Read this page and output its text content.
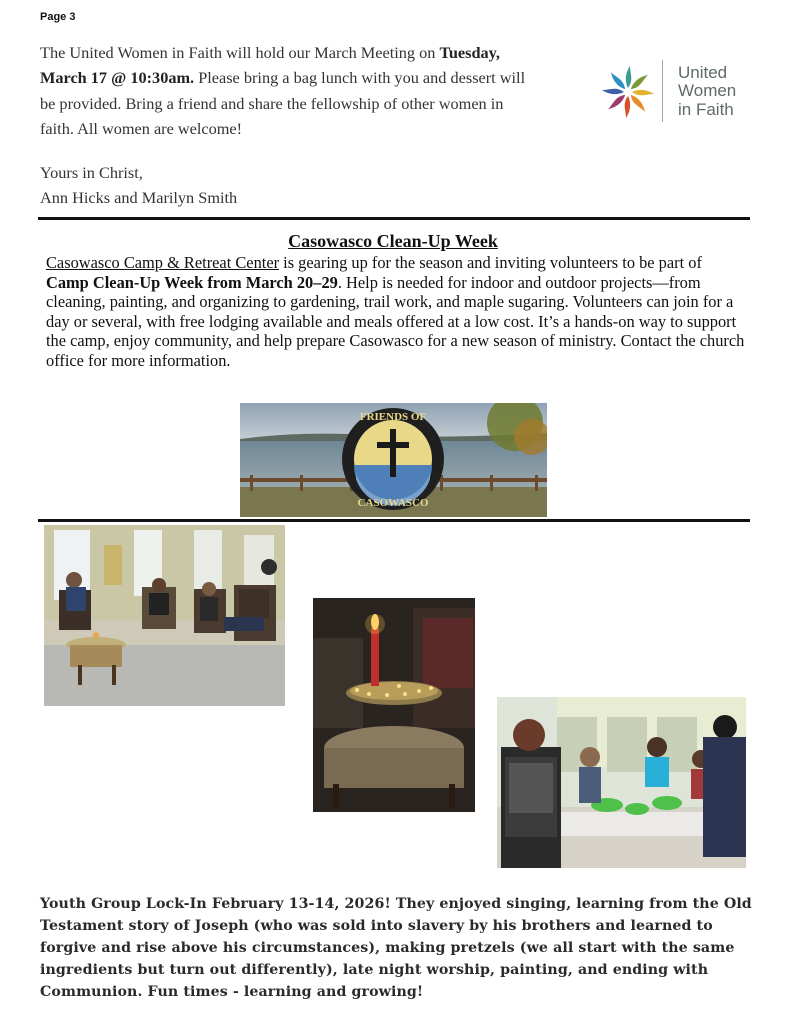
Page 3
The United Women in Faith will hold our March Meeting on Tuesday,
March 17 @ 10:30am. Please bring a bag lunch with you and dessert will
be provided. Bring a friend and share the fellowship of other women in
faith. All women are welcome!
Yours in Christ,
Ann Hicks and Marilyn Smith
United
Women
in Faith
Casowasco Clean-Up Week
Casowasco Camp & Retreat Center is gearing up for the season and inviting volunteers to be part of Camp Clean-Up Week from March 20–29. Help is needed for indoor and outdoor projects—from cleaning, painting, and organizing to gardening, trail work, and maple sugaring. Volunteers can join for a day or several, with free lodging available and meals offered at a low cost. It’s a hands-on way to support the camp, enjoy community, and help prepare Casowasco for a new season of ministry. Contact the church office for more information.
FRIENDS OF
CASOWASCO
Youth Group Lock-In February 13-14, 2026! They enjoyed singing, learning from the Old Testament story of Joseph (who was sold into slavery by his brothers and learned to forgive and rise above his circumstances), making pretzels (we all start with the same ingredients but turn out differently), late night worship, painting, and ending with Communion. Fun times - learning and growing!
